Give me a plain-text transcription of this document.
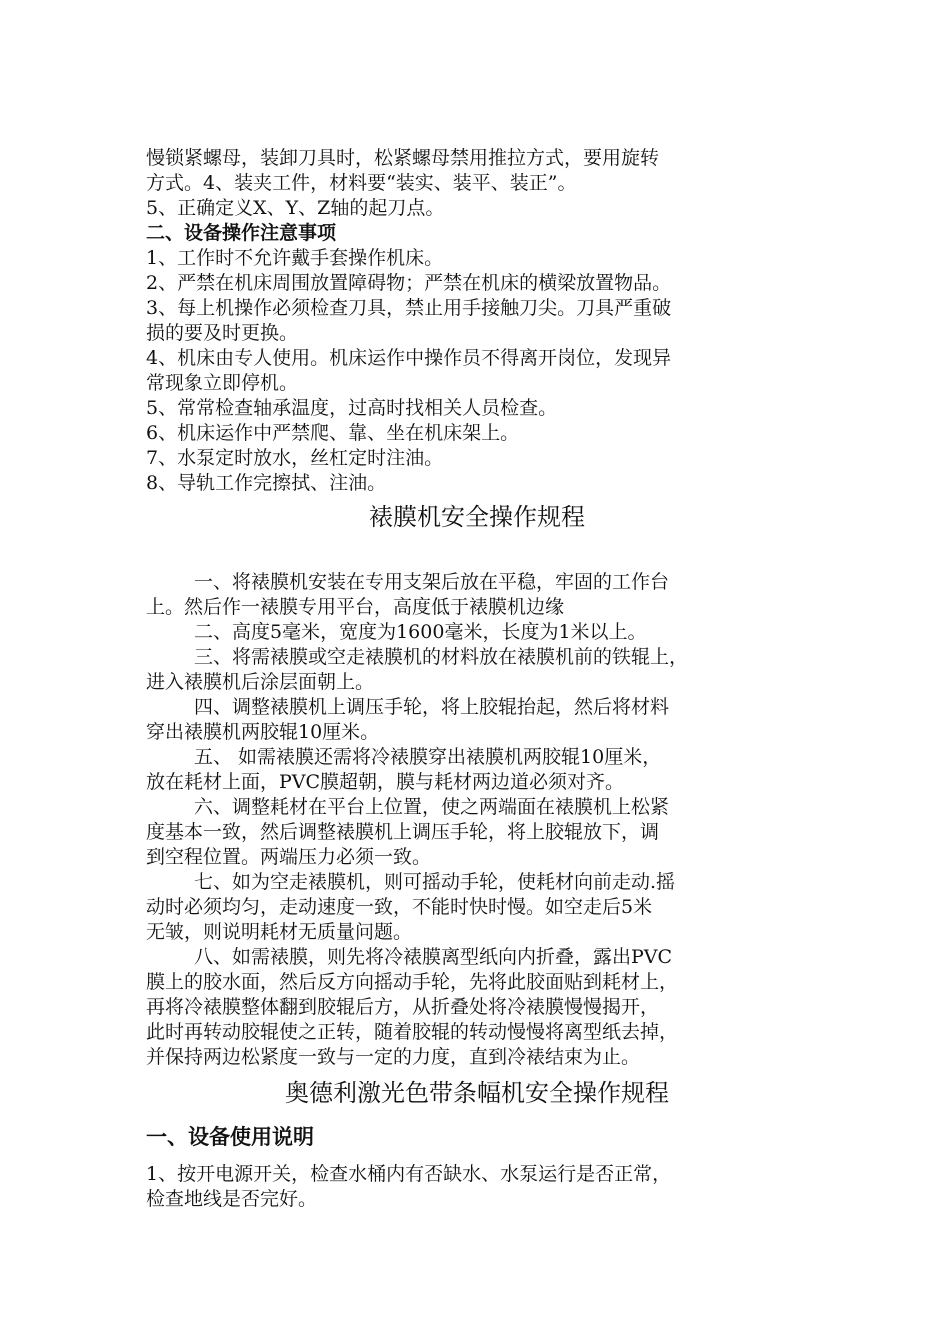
慢锁紧螺母，装卸刀具时，松紧螺母禁用推拉方式，要用旋转

方式。4、装夹工件，材料要“装实、装平、装正”。

5、正确定义X、Y、Z轴的起刀点。

二、设备操作注意事项

1、工作时不允许戴手套操作机床。

2、严禁在机床周围放置障碍物；严禁在机床的横梁放置物品。

3、每上机操作必须检查刀具，禁止用手接触刀尖。刀具严重破

损的要及时更换。

4、机床由专人使用。机床运作中操作员不得离开岗位，发现异

常现象立即停机。

5、常常检查轴承温度，过高时找相关人员检查。

6、机床运作中严禁爬、靠、坐在机床架上。

7、水泵定时放水，丝杠定时注油。

8、导轨工作完擦拭、注油。

裱膜机安全操作规程

一、将裱膜机安装在专用支架后放在平稳，牢固的工作台

上。然后作一裱膜专用平台，高度低于裱膜机边缘

二、高度5毫米，宽度为1600毫米，长度为1米以上。

三、将需裱膜或空走裱膜机的材料放在裱膜机前的铁辊上，

进入裱膜机后涂层面朝上。

四、调整裱膜机上调压手轮，将上胶辊抬起，然后将材料

穿出裱膜机两胶辊10厘米。

五、 如需裱膜还需将冷裱膜穿出裱膜机两胶辊10厘米，

放在耗材上面，PVC膜超朝，膜与耗材两边道必须对齐。

六、调整耗材在平台上位置，使之两端面在裱膜机上松紧

度基本一致，然后调整裱膜机上调压手轮，将上胶辊放下，调

到空程位置。两端压力必须一致。

七、如为空走裱膜机，则可摇动手轮，使耗材向前走动.摇

动时必须均匀，走动速度一致，不能时快时慢。如空走后5米

无皱，则说明耗材无质量问题。

八、如需裱膜，则先将冷裱膜离型纸向内折叠，露出PVC

膜上的胶水面，然后反方向摇动手轮，先将此胶面贴到耗材上，

再将冷裱膜整体翻到胶辊后方，从折叠处将冷裱膜慢慢揭开，

此时再转动胶辊使之正转，随着胶辊的转动慢慢将离型纸去掉，

并保持两边松紧度一致与一定的力度，直到冷裱结束为止。

奥德利激光色带条幅机安全操作规程

一、设备使用说明

1、按开电源开关，检查水桶内有否缺水、水泵运行是否正常，

检查地线是否完好。
